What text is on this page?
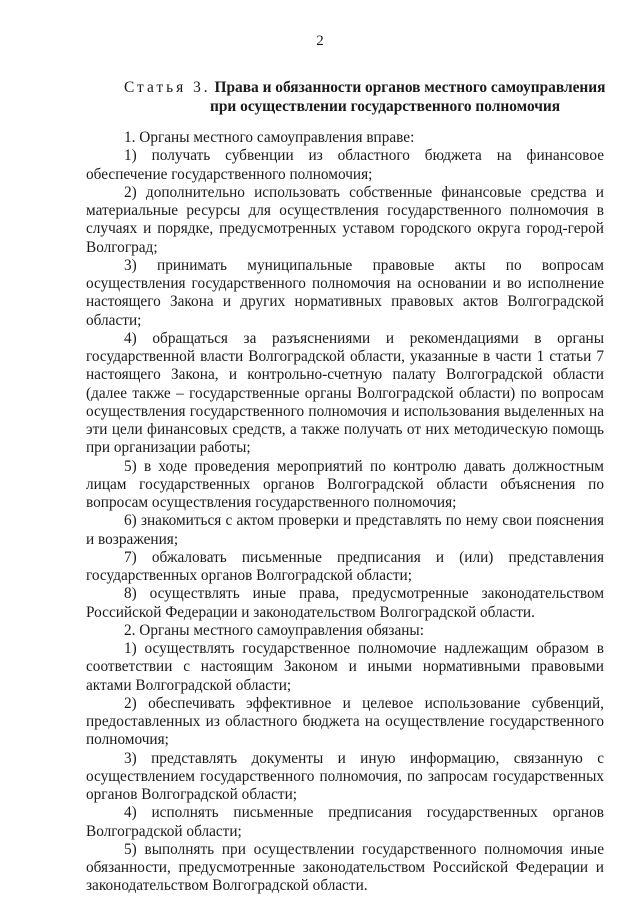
2
Статья 3. Права и обязанности органов местного самоуправления
при осуществлении государственного полномочия

1. Органы местного самоуправления вправе:

1) получать субвенции из областного бюджета на финансовое обеспечение государственного полномочия;

2) дополнительно использовать собственные финансовые средства и материальные ресурсы для осуществления государственного полномочия в случаях и порядке, предусмотренных уставом городского округа город-герой Волгоград;

3) принимать муниципальные правовые акты по вопросам осуществления государственного полномочия на основании и во исполнение настоящего Закона и других нормативных правовых актов Волгоградской области;

4) обращаться за разъяснениями и рекомендациями в органы государственной власти Волгоградской области, указанные в части 1 статьи 7 настоящего Закона, и контрольно-счетную палату Волгоградской области (далее также – государственные органы Волгоградской области) по вопросам осуществления государственного полномочия и использования выделенных на эти цели финансовых средств, а также получать от них методическую помощь при организации работы;

5) в ходе проведения мероприятий по контролю давать должностным лицам государственных органов Волгоградской области объяснения по вопросам осуществления государственного полномочия;

6) знакомиться с актом проверки и представлять по нему свои пояснения и возражения;

7) обжаловать письменные предписания и (или) представления государственных органов Волгоградской области;

8) осуществлять иные права, предусмотренные законодательством Российской Федерации и законодательством Волгоградской области.

2. Органы местного самоуправления обязаны:

1) осуществлять государственное полномочие надлежащим образом в соответствии с настоящим Законом и иными нормативными правовыми актами Волгоградской области;

2) обеспечивать эффективное и целевое использование субвенций, предоставленных из областного бюджета на осуществление государственного полномочия;

3) представлять документы и иную информацию, связанную с осуществлением государственного полномочия, по запросам государственных органов Волгоградской области;

4) исполнять письменные предписания государственных органов Волгоградской области;

5) выполнять при осуществлении государственного полномочия иные обязанности, предусмотренные законодательством Российской Федерации и законодательством Волгоградской области.
